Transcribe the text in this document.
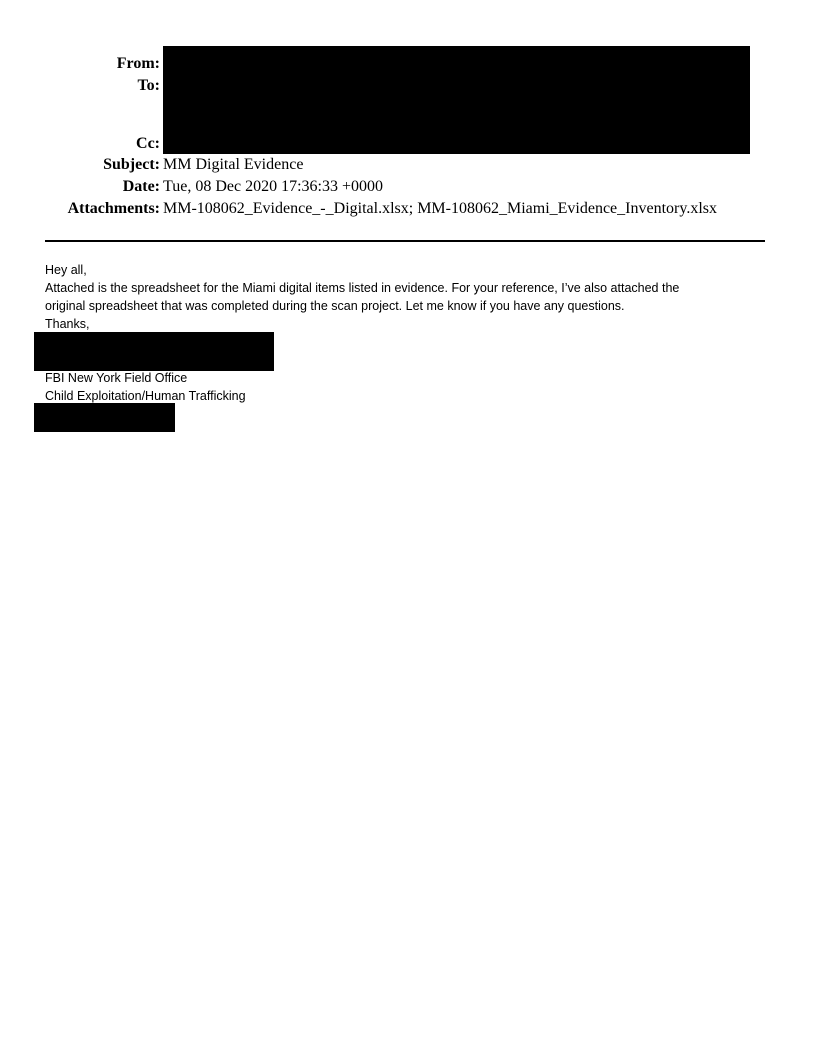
From:
To:
Cc:
Subject:
Date:
Attachments:
MM Digital Evidence
Tue, 08 Dec 2020 17:36:33 +0000
MM-108062_Evidence_-_Digital.xlsx; MM-108062_Miami_Evidence_Inventory.xlsx
Hey all,
Attached is the spreadsheet for the Miami digital items listed in evidence. For your reference, I’ve also attached the
original spreadsheet that was completed during the scan project. Let me know if you have any questions.
Thanks,
FBI New York Field Office
Child Exploitation/Human Trafficking
